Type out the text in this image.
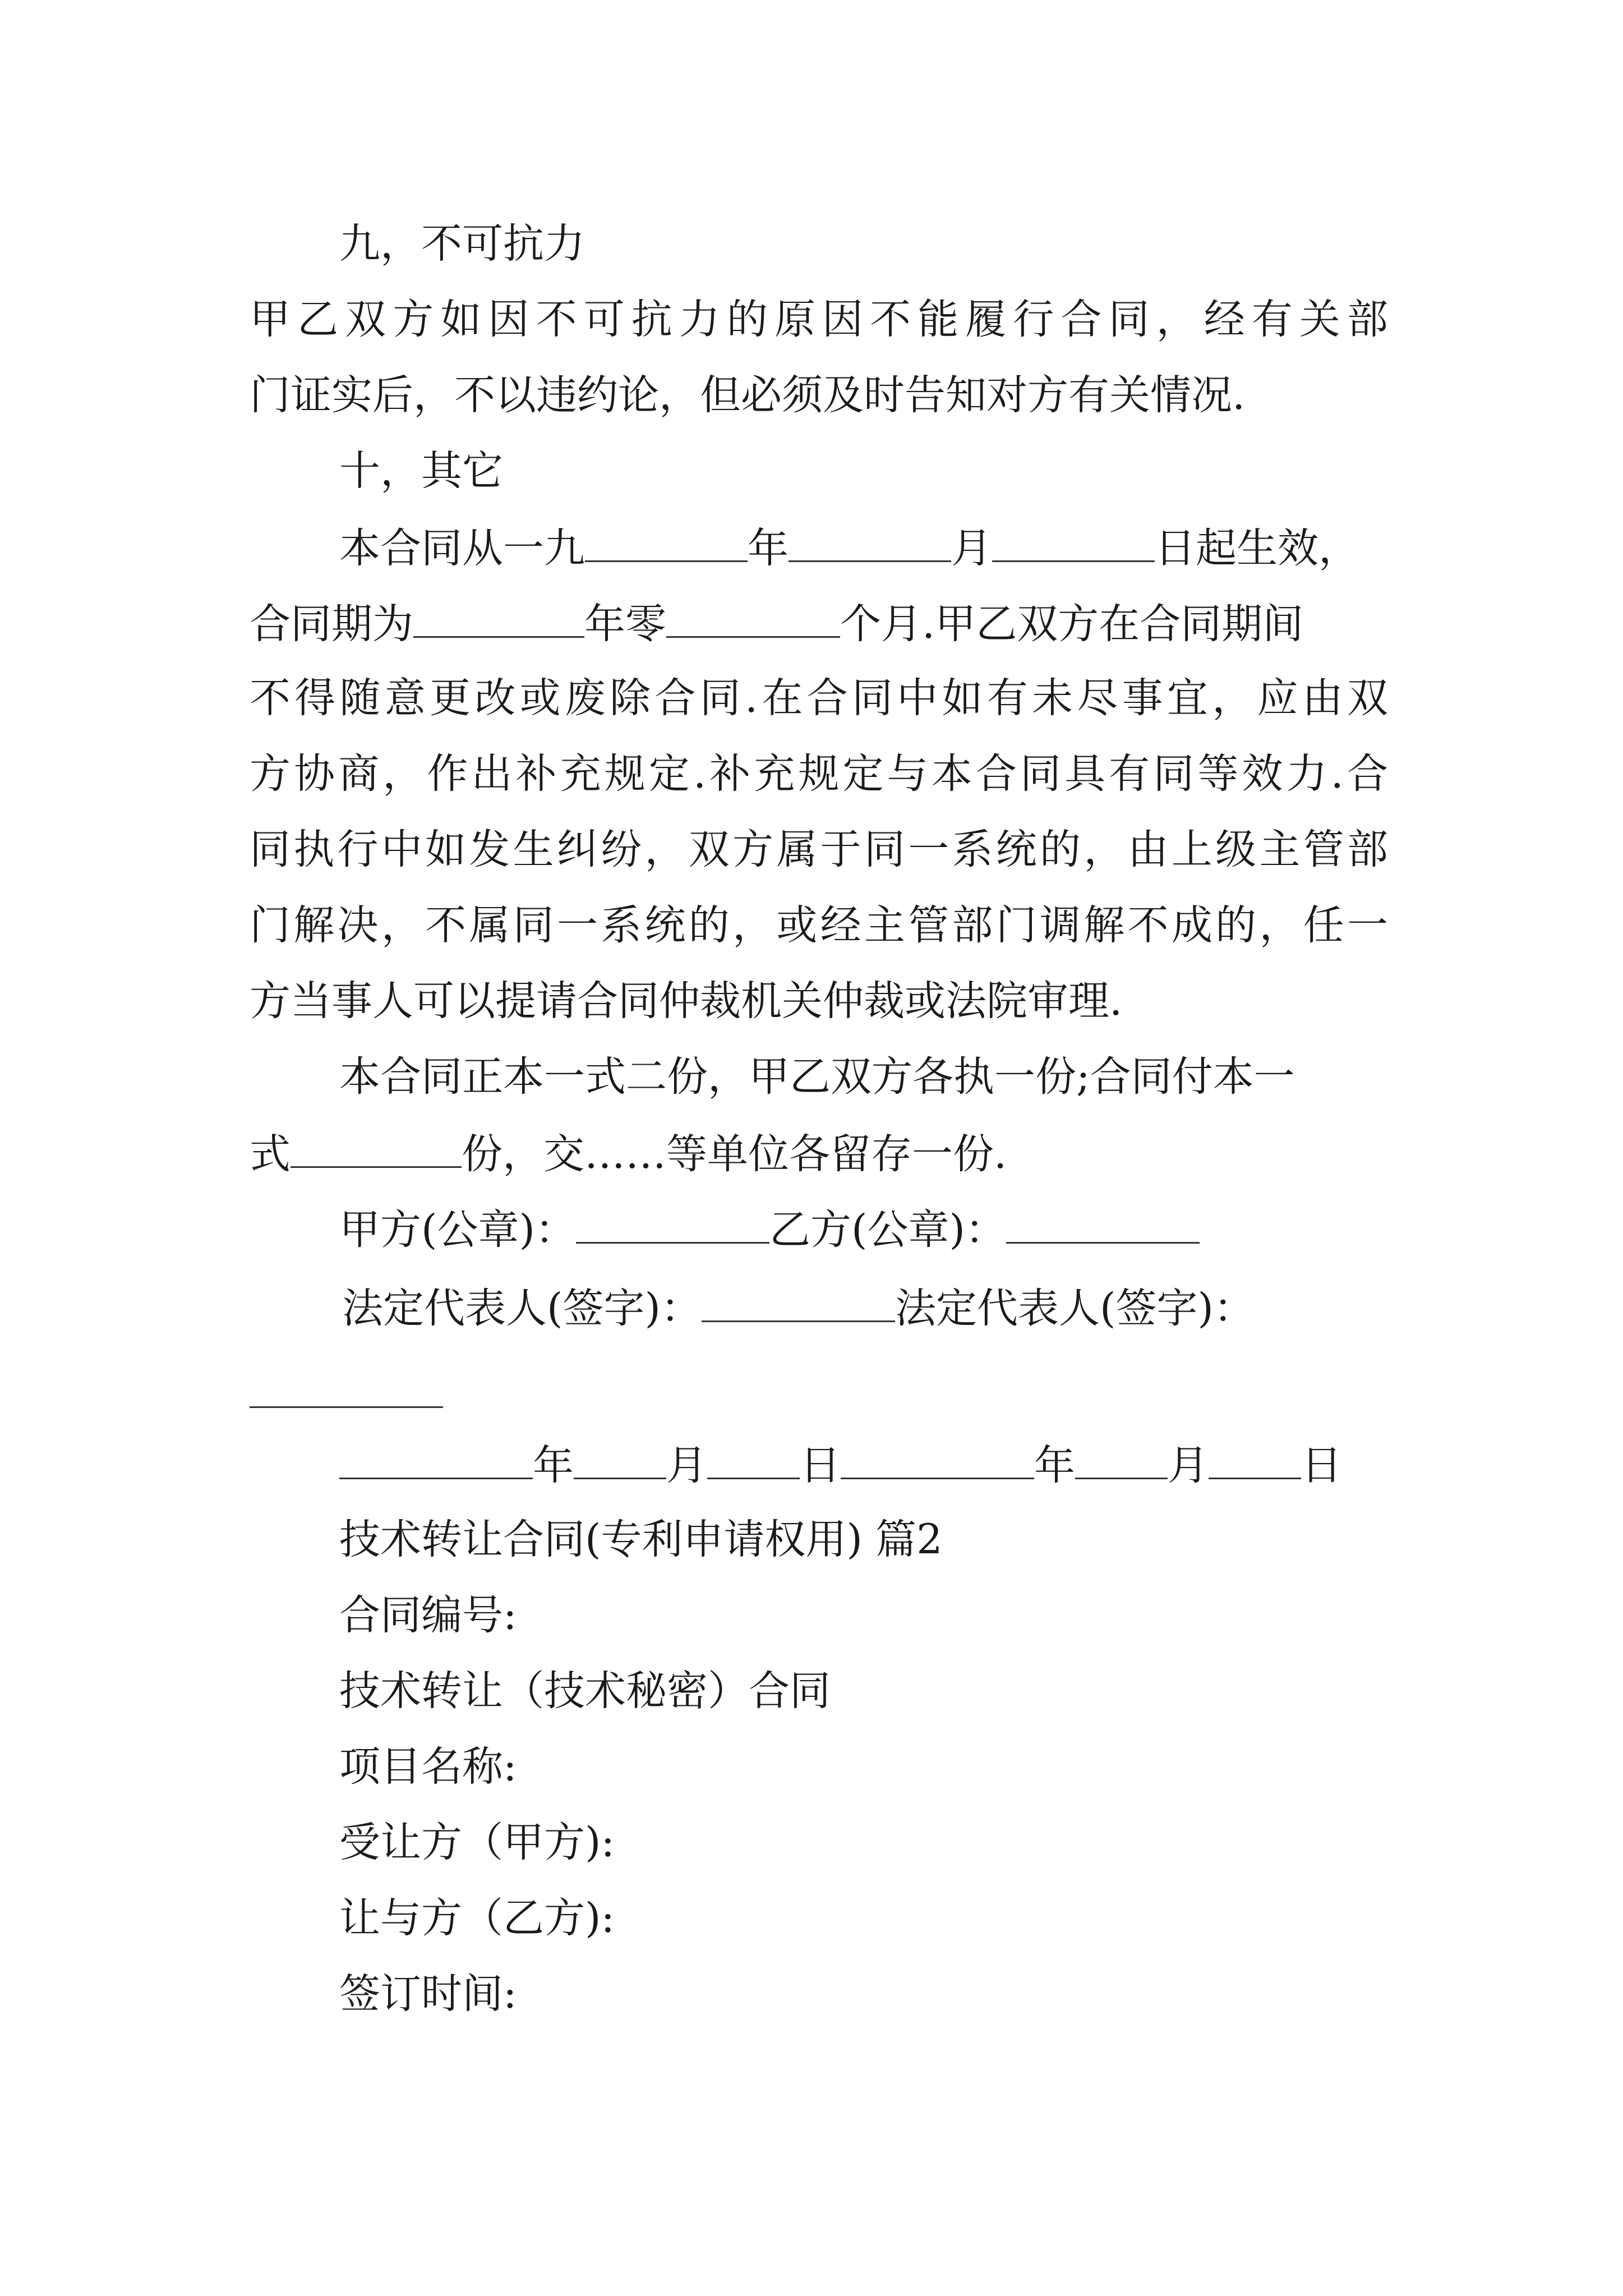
九，不可抗力
甲乙双方如因不可抗力的原因不能履行合同，经有关部
门证实后，不以违约论，但必须及时告知对方有关情况.
十，其它
本合同从一九	年	月	日起生效，
合同期为	年零	个月.甲乙双方在合同期间
不得随意更改或废除合同.在合同中如有未尽事宜，应由双
方协商，作出补充规定.补充规定与本合同具有同等效力.合
同执行中如发生纠纷，双方属于同一系统的，由上级主管部
门解决，不属同一系统的，或经主管部门调解不成的，任一
方当事人可以提请合同仲裁机关仲裁或法院审理.
本合同正本一式二份，甲乙双方各执一份;合同付本一
式	份，交……等单位各留存一份.
甲方(公章)：	乙方(公章)：
法定代表人(签字)：	法定代表人(签字)：
年 月 日	年 月 日
技术转让合同(专利申请权用) 篇2
合同编号:
技术转让（技术秘密）合同
项目名称:
受让方（甲方):
让与方（乙方):
签订时间:
